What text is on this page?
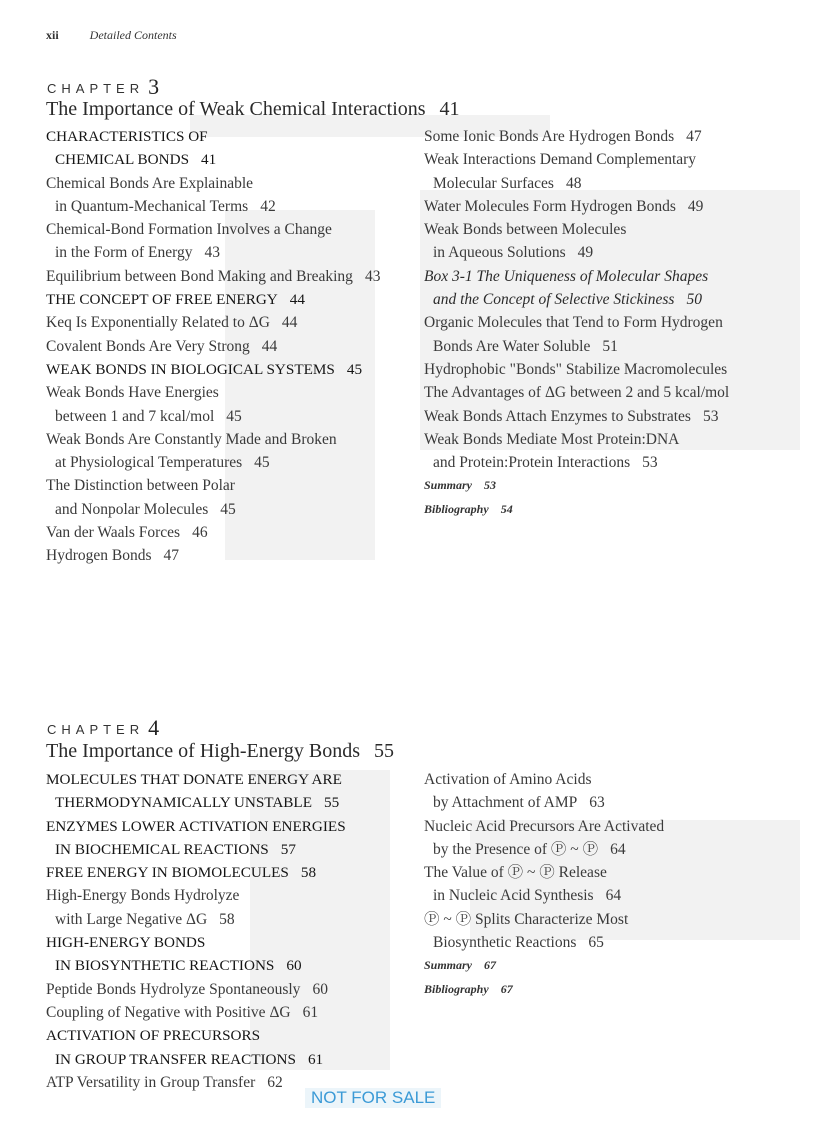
xii	Detailed Contents
CHAPTER 3
The Importance of Weak Chemical Interactions 41
CHARACTERISTICS OF
CHEMICAL BONDS 41
Chemical Bonds Are Explainable
in Quantum-Mechanical Terms 42
Chemical-Bond Formation Involves a Change
in the Form of Energy 43
Equilibrium between Bond Making and Breaking 43
THE CONCEPT OF FREE ENERGY 44
Keq Is Exponentially Related to ΔG 44
Covalent Bonds Are Very Strong 44
WEAK BONDS IN BIOLOGICAL SYSTEMS 45
Weak Bonds Have Energies
between 1 and 7 kcal/mol 45
Weak Bonds Are Constantly Made and Broken
at Physiological Temperatures 45
The Distinction between Polar
and Nonpolar Molecules 45
Van der Waals Forces 46
Hydrogen Bonds 47
Some Ionic Bonds Are Hydrogen Bonds 47
Weak Interactions Demand Complementary
Molecular Surfaces 48
Water Molecules Form Hydrogen Bonds 49
Weak Bonds between Molecules
in Aqueous Solutions 49
Box 3-1 The Uniqueness of Molecular Shapes
and the Concept of Selective Stickiness 50
Organic Molecules that Tend to Form Hydrogen
Bonds Are Water Soluble 51
Hydrophobic "Bonds" Stabilize Macromolecules
The Advantages of ΔG between 2 and 5 kcal/mol
Weak Bonds Attach Enzymes to Substrates 53
Weak Bonds Mediate Most Protein:DNA
and Protein:Protein Interactions 53
Summary 53
Bibliography 54
CHAPTER 4
The Importance of High-Energy Bonds 55
MOLECULES THAT DONATE ENERGY ARE
THERMODYNAMICALLY UNSTABLE 55
ENZYMES LOWER ACTIVATION ENERGIES
IN BIOCHEMICAL REACTIONS 57
FREE ENERGY IN BIOMOLECULES 58
High-Energy Bonds Hydrolyze
with Large Negative ΔG 58
HIGH-ENERGY BONDS
IN BIOSYNTHETIC REACTIONS 60
Peptide Bonds Hydrolyze Spontaneously 60
Coupling of Negative with Positive ΔG 61
ACTIVATION OF PRECURSORS
IN GROUP TRANSFER REACTIONS 61
ATP Versatility in Group Transfer 62
Activation of Amino Acids
by Attachment of AMP 63
Nucleic Acid Precursors Are Activated
by the Presence of Ⓟ ~ Ⓟ 64
The Value of Ⓟ ~ Ⓟ Release
in Nucleic Acid Synthesis 64
Ⓟ ~ Ⓟ Splits Characterize Most
Biosynthetic Reactions 65
Summary 67
Bibliography 67
NOT FOR SALE
